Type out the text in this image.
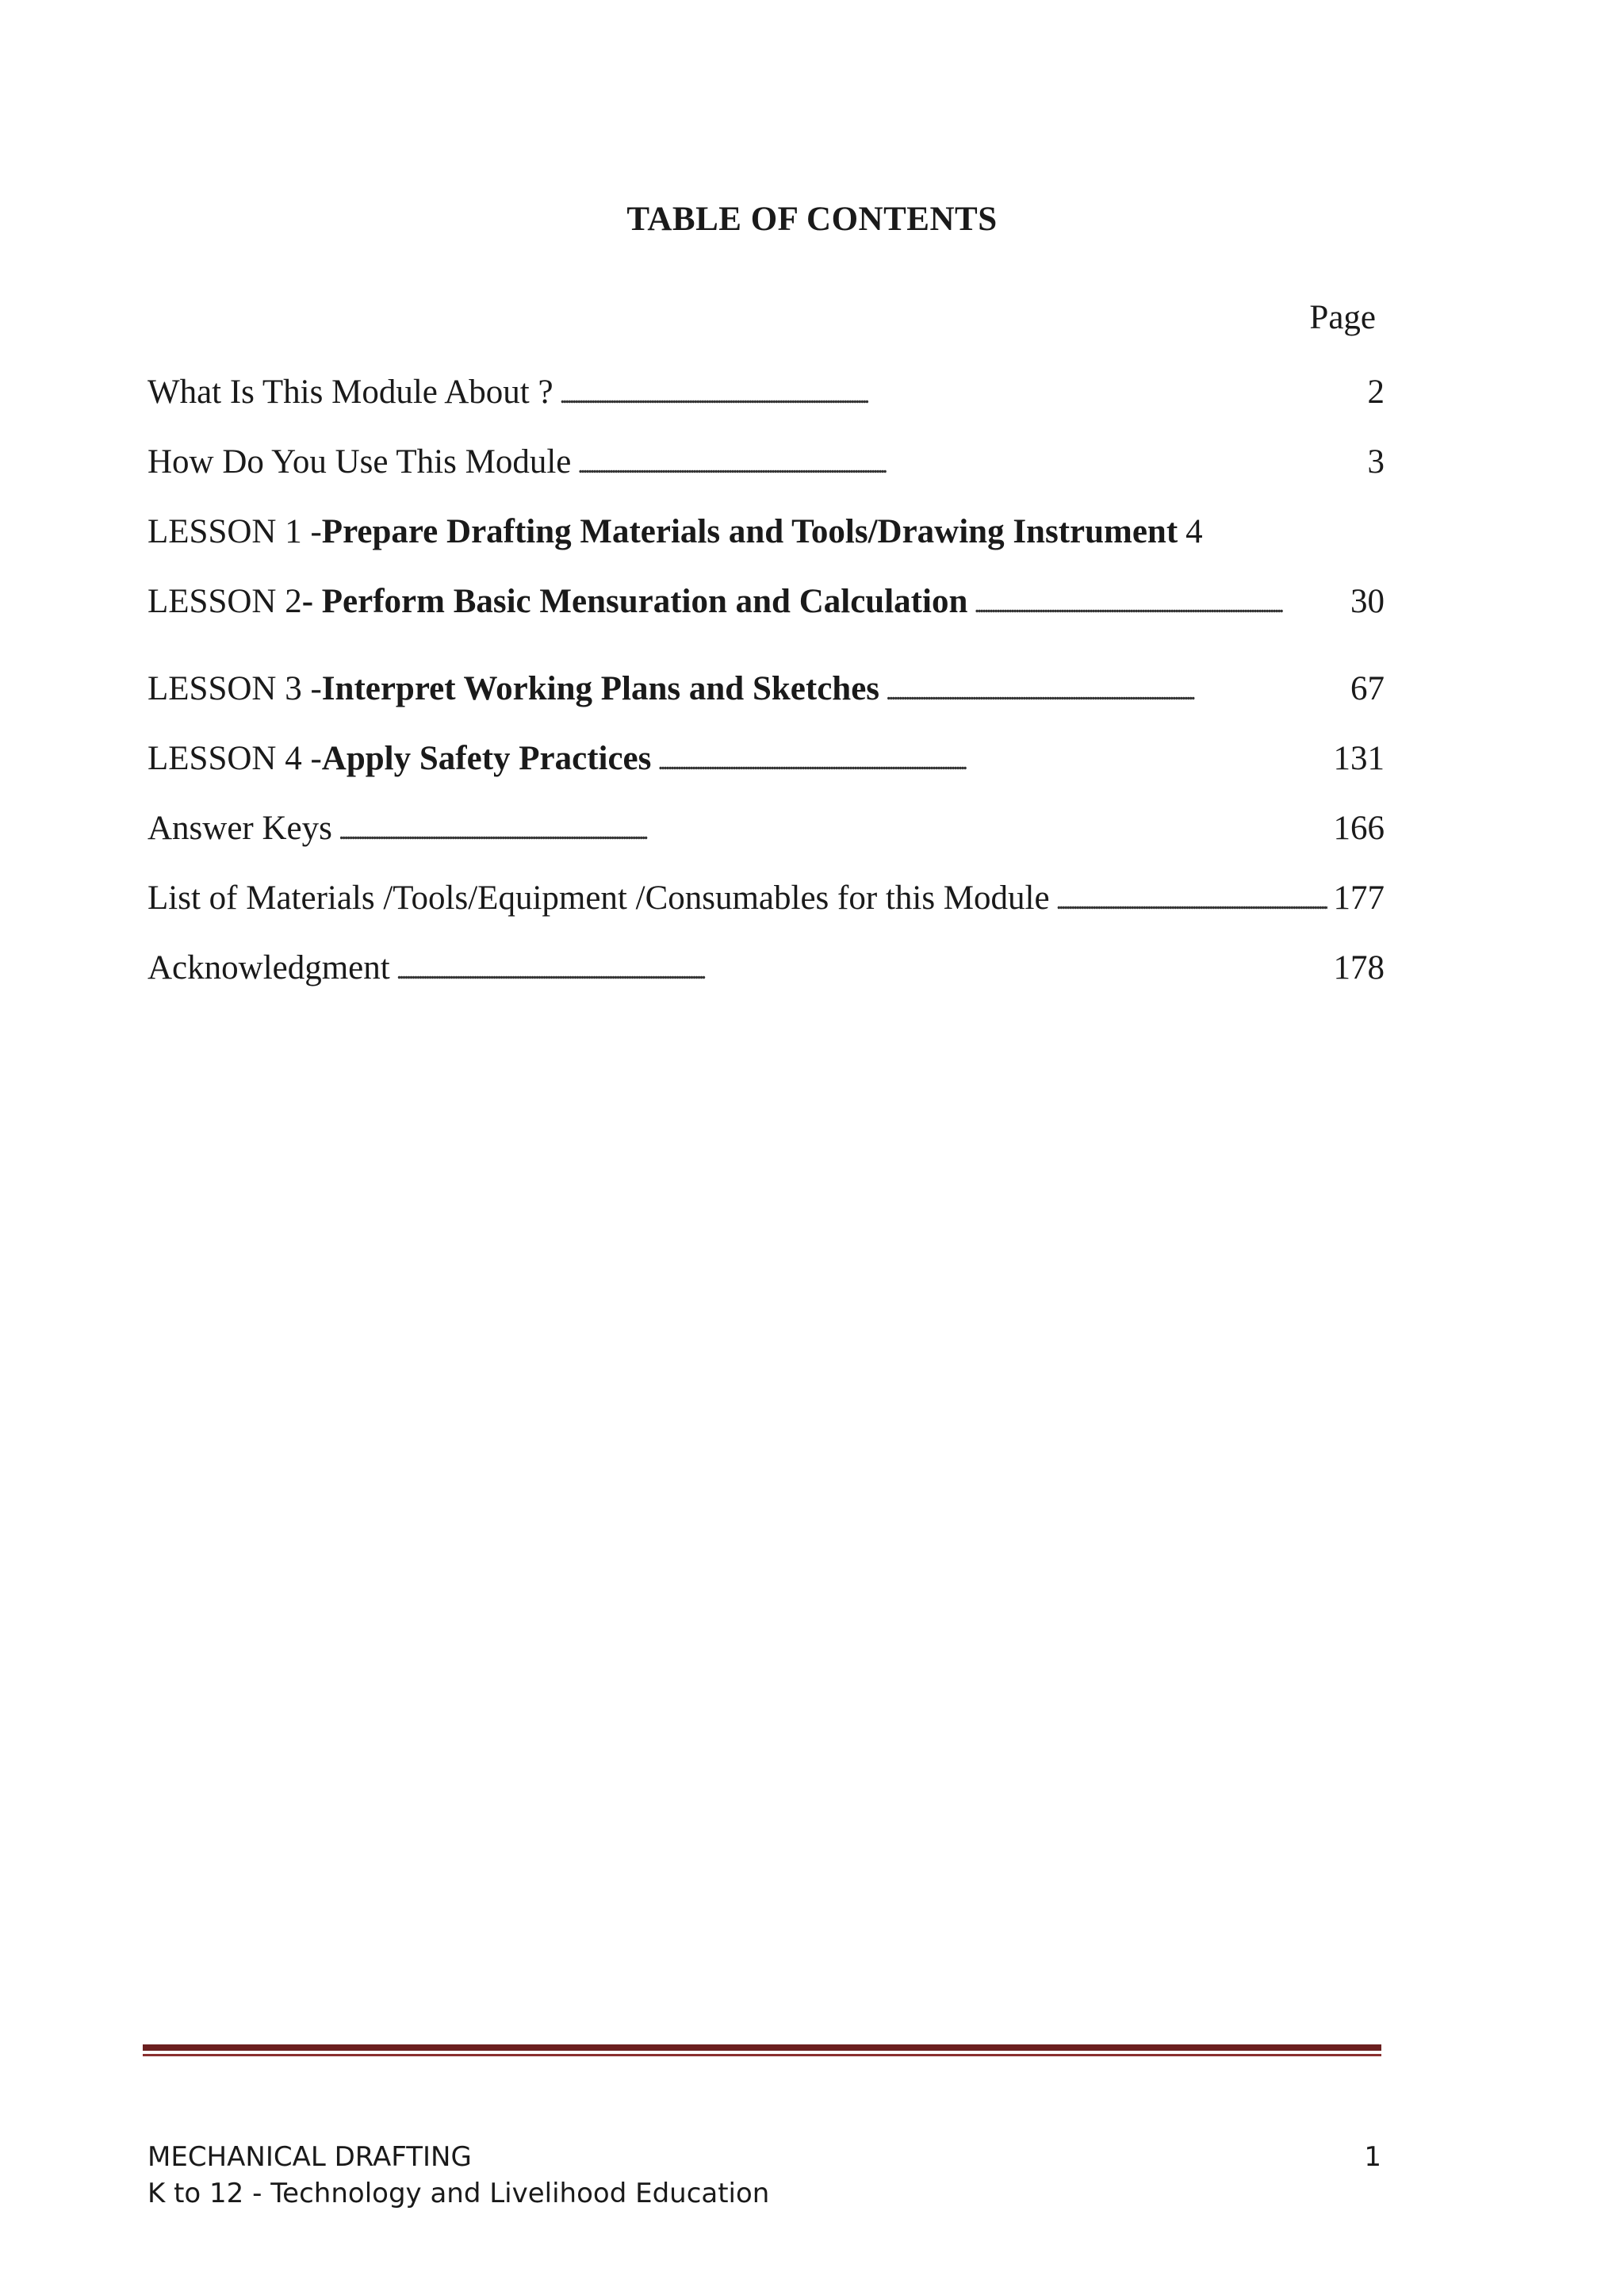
TABLE OF CONTENTS

Page

What Is This Module About ? . . .	2
How Do You Use This Module . . .	3
LESSON 1 - Prepare Drafting Materials and Tools/Drawing Instrument 4
LESSON 2 - Perform Basic Mensuration and Calculation . . .	30
LESSON 3 - Interpret Working Plans and Sketches . . .	67
LESSON 4 - Apply Safety Practices . . .	131
Answer Keys . . .	166
List of Materials /Tools/Equipment /Consumables for this Module . . .	177
Acknowledgment . . .	178

MECHANICAL DRAFTING

K to 12 - Technology and Livelihood Education

1
